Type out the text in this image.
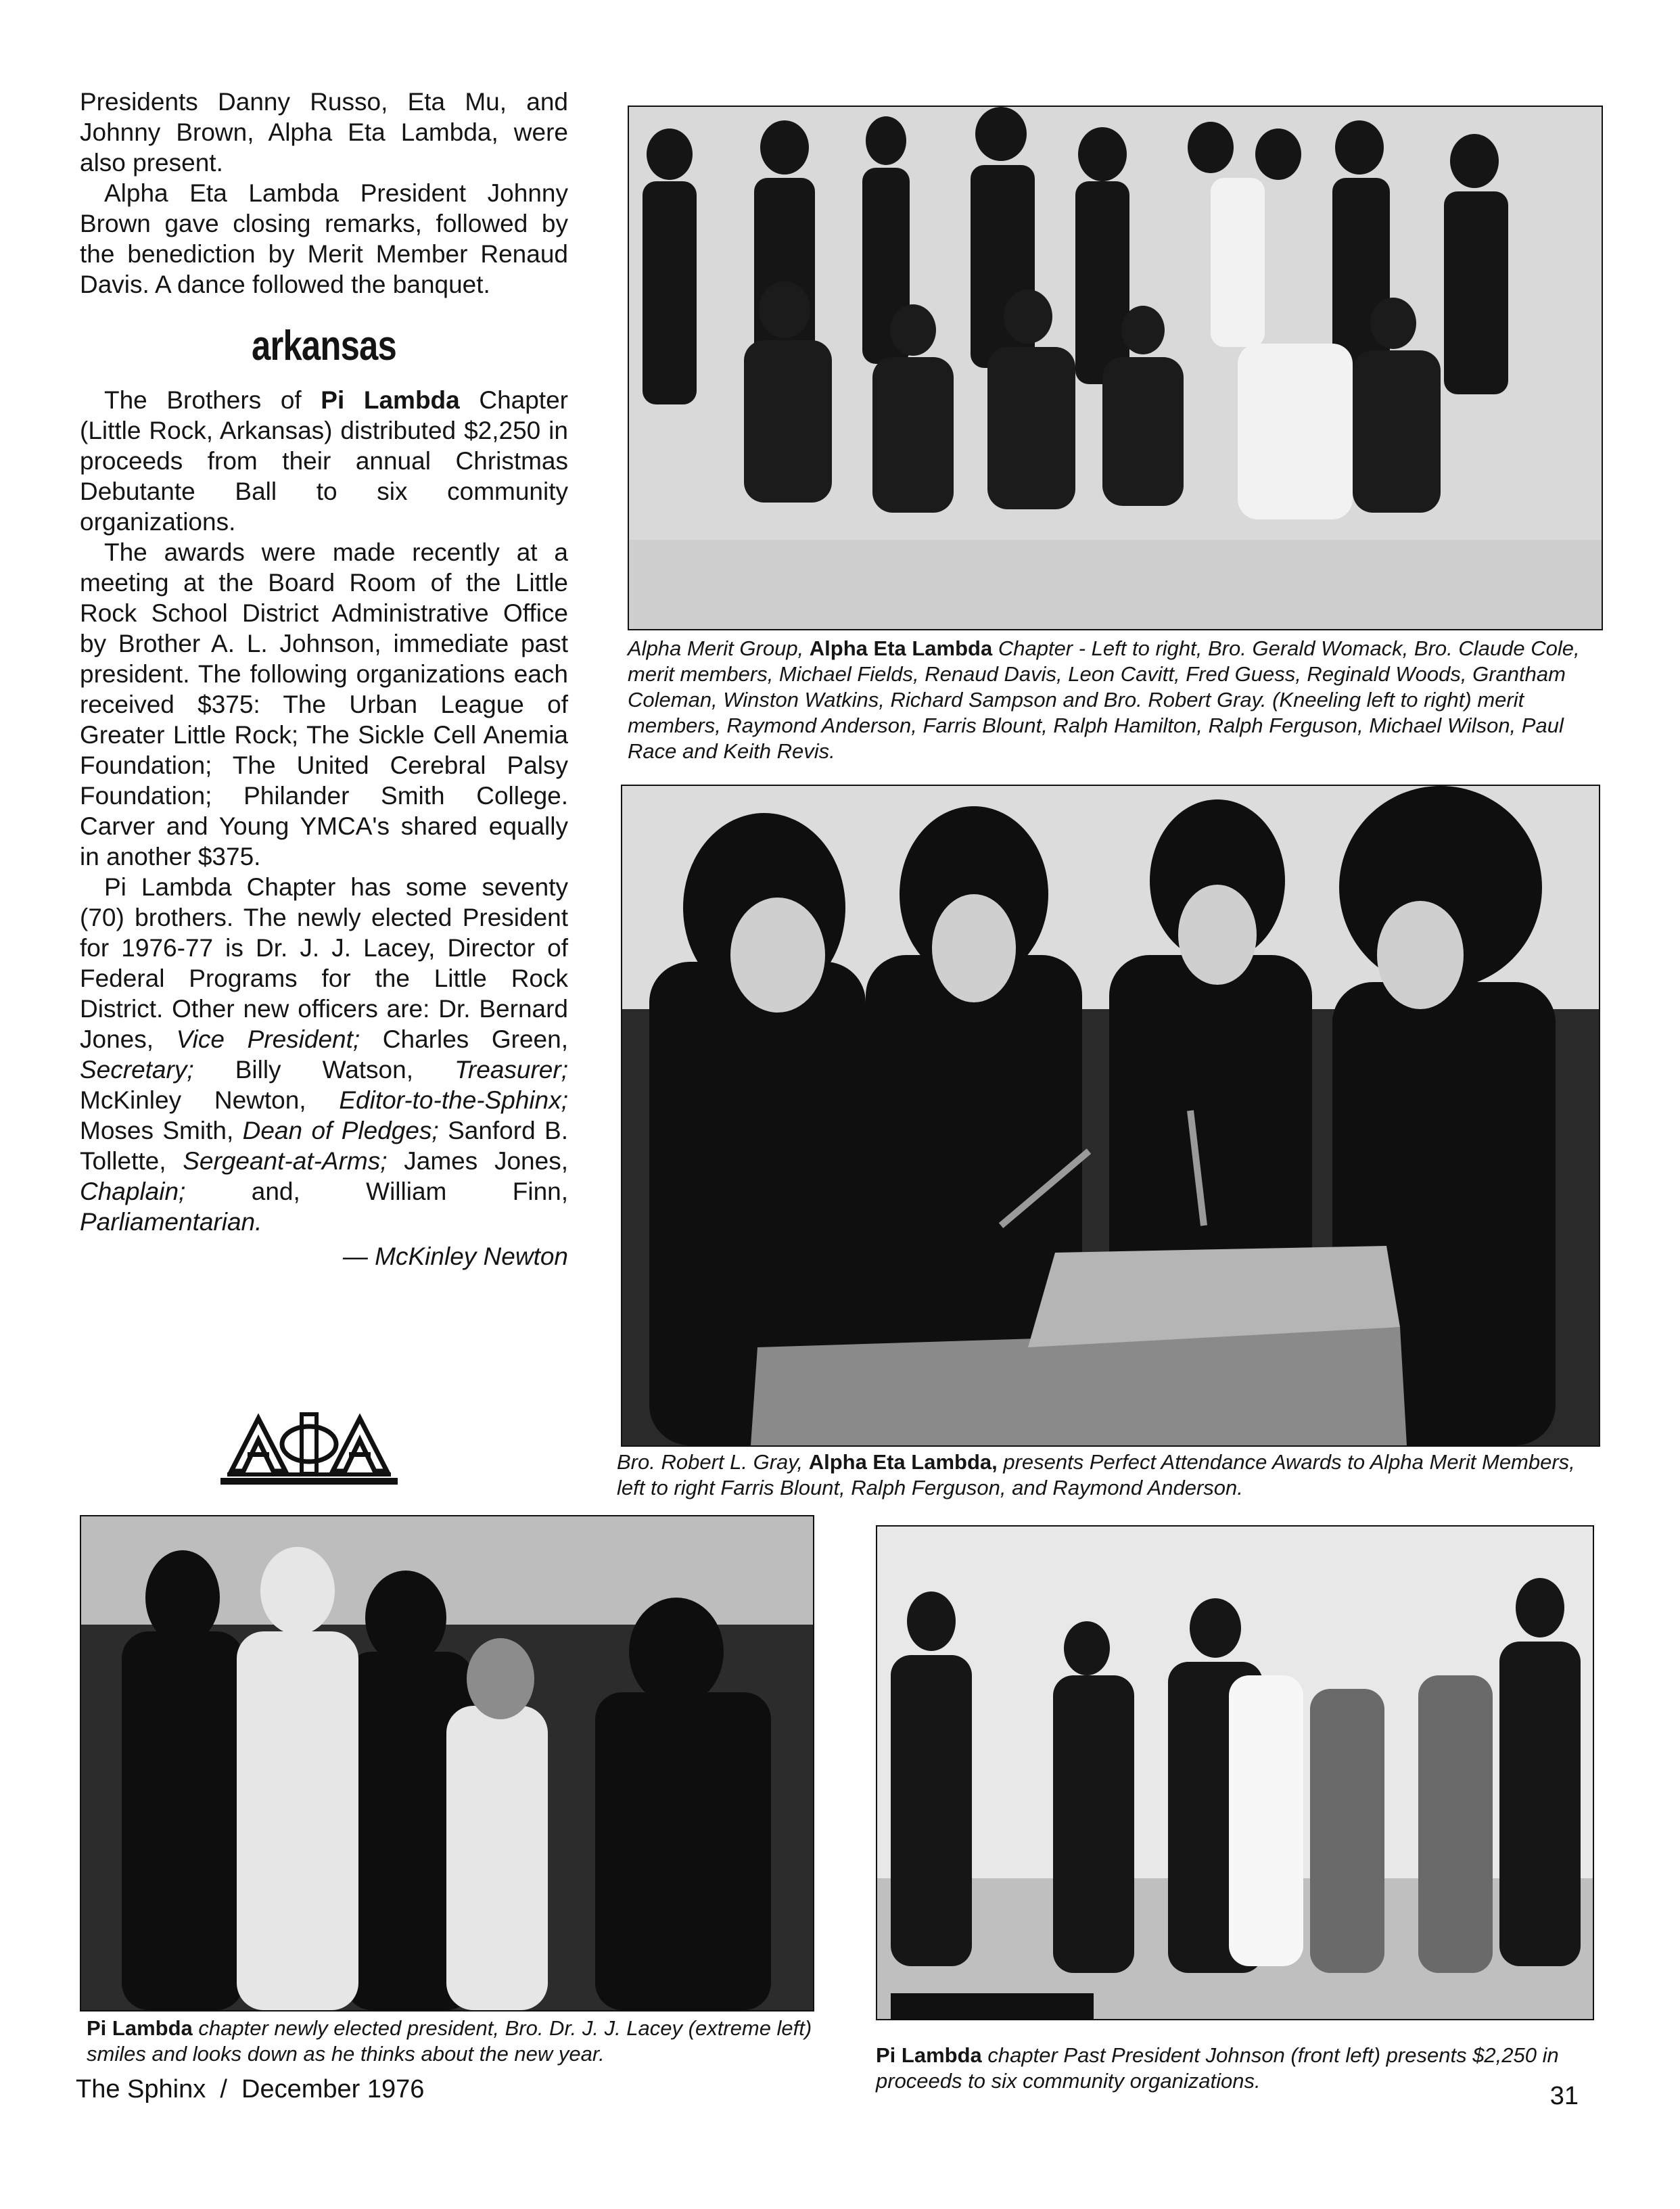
Presidents Danny Russo, Eta Mu, and Johnny Brown, Alpha Eta Lambda, were also present.

Alpha Eta Lambda President Johnny Brown gave closing remarks, followed by the benediction by Merit Member Renaud Davis. A dance followed the banquet.

arkansas

The Brothers of Pi Lambda Chapter (Little Rock, Arkansas) distributed $2,250 in proceeds from their annual Christmas Debutante Ball to six community organizations.

The awards were made recently at a meeting at the Board Room of the Little Rock School District Administrative Office by Brother A. L. Johnson, immediate past president. The following organizations each received $375: The Urban League of Greater Little Rock; The Sickle Cell Anemia Foundation; The United Cerebral Palsy Foundation; Philander Smith College. Carver and Young YMCA's shared equally in another $375.

Pi Lambda Chapter has some seventy (70) brothers. The newly elected President for 1976-77 is Dr. J. J. Lacey, Director of Federal Programs for the Little Rock District. Other new officers are: Dr. Bernard Jones, Vice President; Charles Green, Secretary; Billy Watson, Treasurer; McKinley Newton, Editor-to-the-Sphinx; Moses Smith, Dean of Pledges; Sanford B. Tollette, Sergeant-at-Arms; James Jones, Chaplain; and, William Finn, Parliamentarian.

— McKinley Newton
Alpha Merit Group, Alpha Eta Lambda Chapter - Left to right, Bro. Gerald Womack, Bro. Claude Cole, merit members, Michael Fields, Renaud Davis, Leon Cavitt, Fred Guess, Reginald Woods, Grantham Coleman, Winston Watkins, Richard Sampson and Bro. Robert Gray. (Kneeling left to right) merit members, Raymond Anderson, Farris Blount, Ralph Hamilton, Ralph Ferguson, Michael Wilson, Paul Race and Keith Revis.
Bro. Robert L. Gray, Alpha Eta Lambda, presents Perfect Attendance Awards to Alpha Merit Members, left to right Farris Blount, Ralph Ferguson, and Raymond Anderson.
Pi Lambda chapter newly elected president, Bro. Dr. J. J. Lacey (extreme left) smiles and looks down as he thinks about the new year.	Pi Lambda chapter Past President Johnson (front left) presents $2,250 in proceeds to six community organizations.
The Sphinx  /  December 1976	31
